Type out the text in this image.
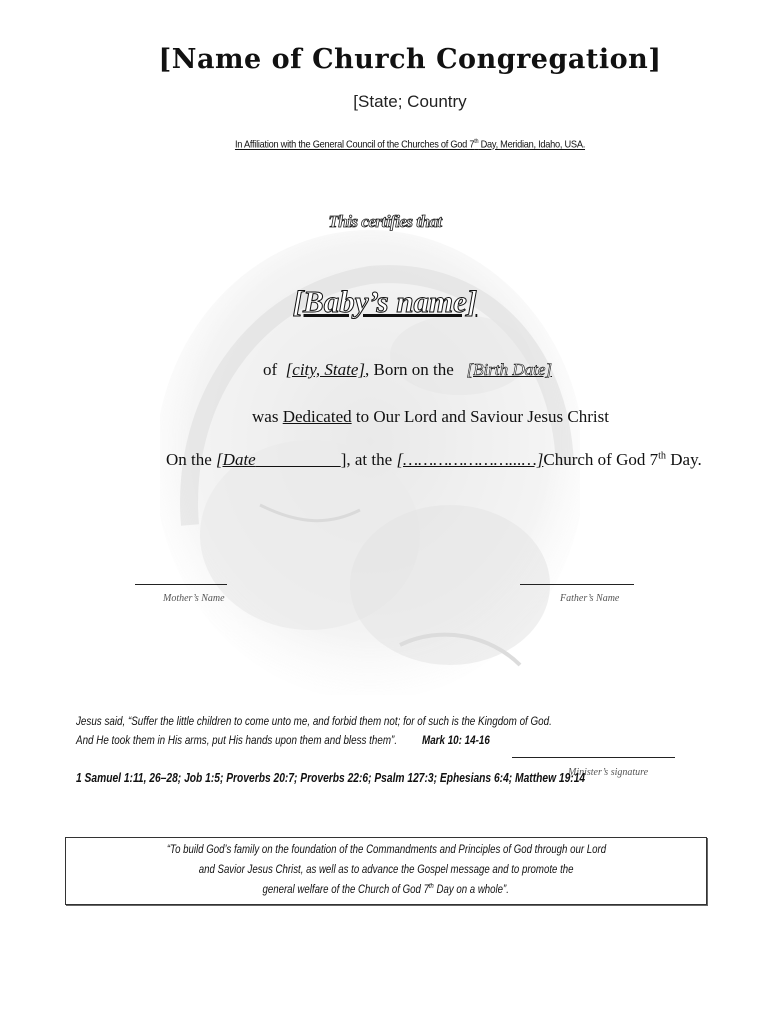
[Name of Church Congregation]
[State; Country
In Affiliation with the General Council of the Churches of God 7th Day, Meridian, Idaho, USA.
This certifies that
[Baby’s name]
of [city, State], Born on the [Birth Date]
was Dedicated to Our Lord and Saviour Jesus Christ
On the [Date	], at the […………………...…]Church of God 7th Day.
Mother’s Name	Father’s Name
Minister’s signature
Jesus said, “Suffer the little children to come unto me, and forbid them not; for of such is the Kingdom of God.
And He took them in His arms, put His hands upon them and bless them”. Mark 10: 14-16
1 Samuel 1:11, 26–28; Job 1:5; Proverbs 20:7; Proverbs 22:6; Psalm 127:3; Ephesians 6:4; Matthew 19:14
“To build God’s family on the foundation of the Commandments and Principles of God through our Lord
and Savior Jesus Christ, as well as to advance the Gospel message and to promote the
general welfare of the Church of God 7th Day on a whole”.
